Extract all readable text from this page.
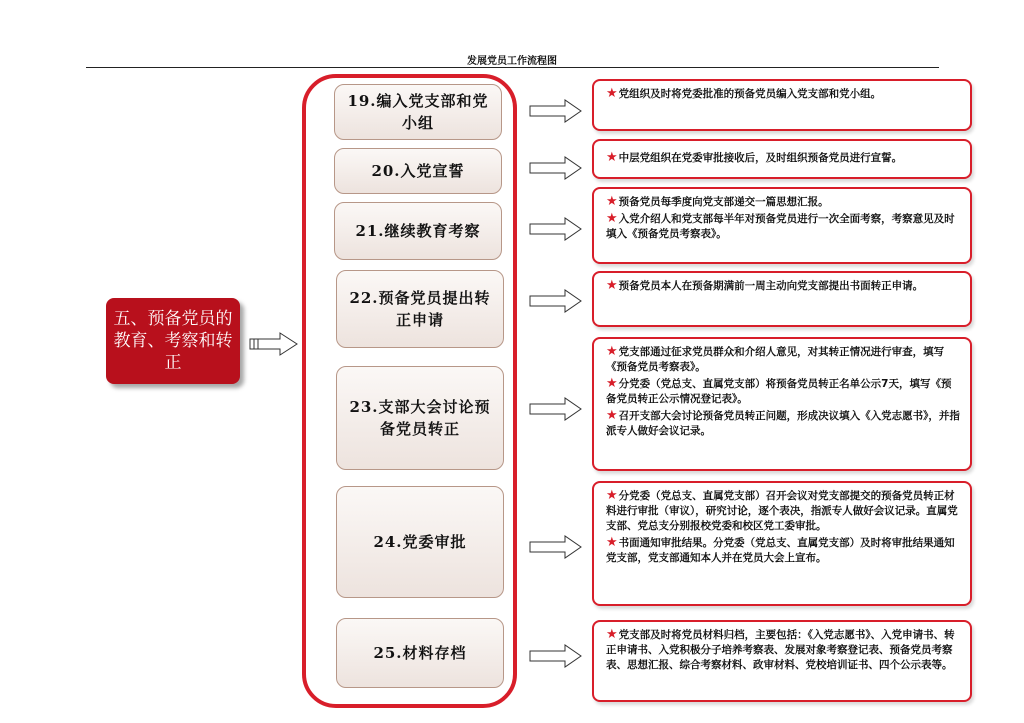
发展党员工作流程图
五、预备党员的教育、考察和转正
19.编入党支部和党小组
20.入党宣誓
21.继续教育考察
22.预备党员提出转正申请
23.支部大会讨论预备党员转正
24.党委审批
25.材料存档
★党组织及时将党委批准的预备党员编入党支部和党小组。
★中层党组织在党委审批接收后，及时组织预备党员进行宣誓。
★预备党员每季度向党支部递交一篇思想汇报。
★入党介绍人和党支部每半年对预备党员进行一次全面考察，考察意见及时填入《预备党员考察表》。
★预备党员本人在预备期满前一周主动向党支部提出书面转正申请。
★党支部通过征求党员群众和介绍人意见，对其转正情况进行审查，填写《预备党员考察表》。
★分党委（党总支、直属党支部）将预备党员转正名单公示7天，填写《预备党员转正公示情况登记表》。
★召开支部大会讨论预备党员转正问题，形成决议填入《入党志愿书》，并指派专人做好会议记录。
★分党委（党总支、直属党支部）召开会议对党支部提交的预备党员转正材料进行审批（审议），研究讨论，逐个表决，指派专人做好会议记录。直属党支部、党总支分别报校党委和校区党工委审批。
★书面通知审批结果。分党委（党总支、直属党支部）及时将审批结果通知党支部，党支部通知本人并在党员大会上宣布。
★党支部及时将党员材料归档，主要包括：《入党志愿书》、入党申请书、转正申请书、入党积极分子培养考察表、发展对象考察登记表、预备党员考察表、思想汇报、综合考察材料、政审材料、党校培训证书、四个公示表等。
